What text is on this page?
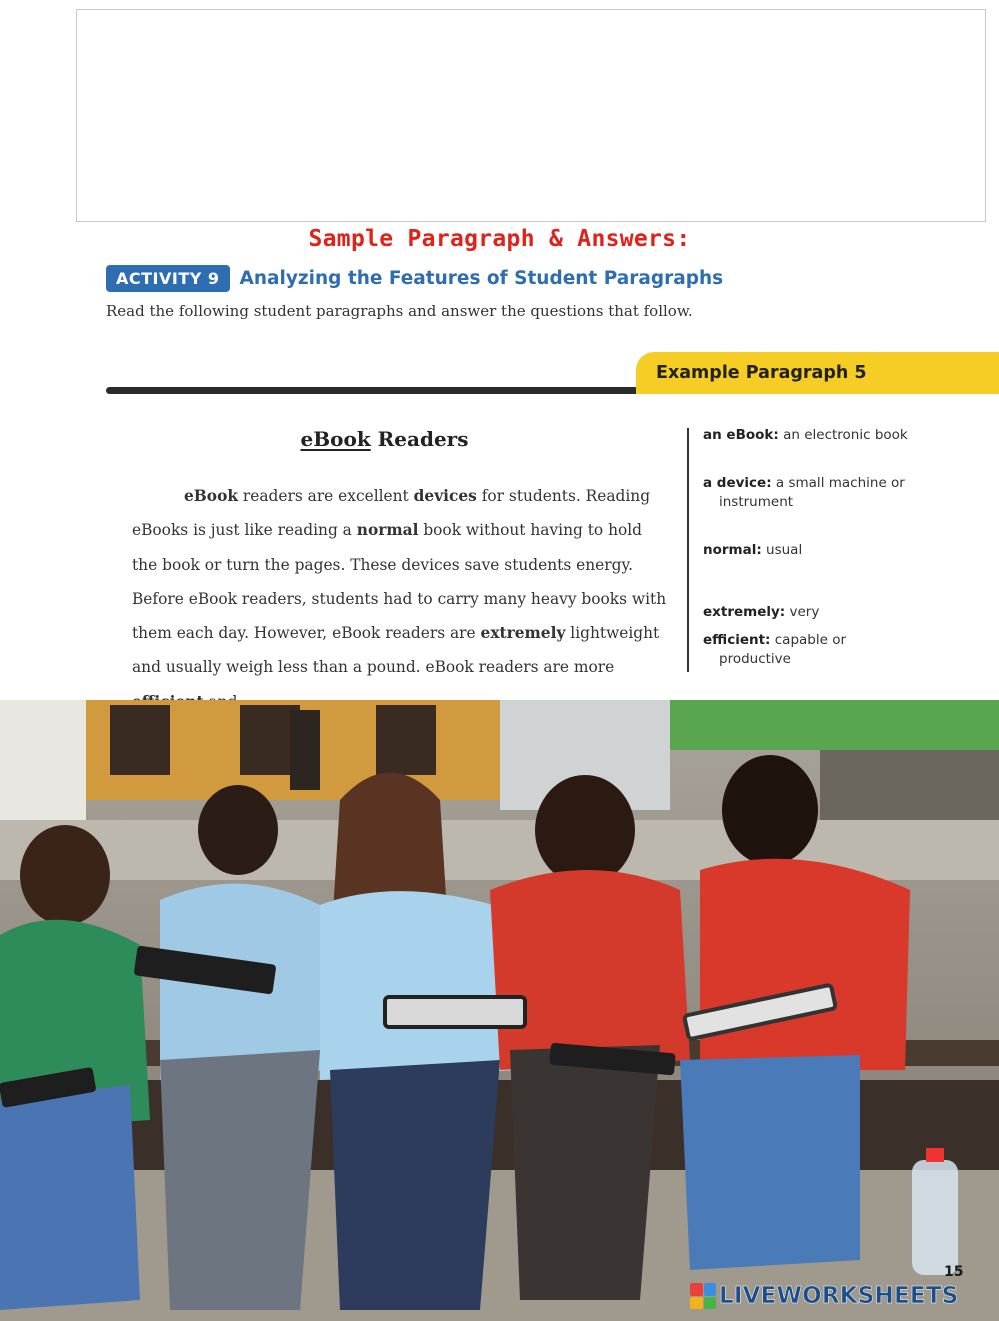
Sample Paragraph & Answers:
ACTIVITY 9	Analyzing the Features of Student Paragraphs
Read the following student paragraphs and answer the questions that follow.
Example Paragraph 5
eBook Readers

eBook readers are excellent devices for students. Reading eBooks is just like reading a normal book without having to hold the book or turn the pages. These devices save students energy. Before eBook readers, students had to carry many heavy books with them each day. However, eBook readers are extremely lightweight and usually weigh less than a pound. eBook readers are more

an eBook: an electronic book
a device: a small machine or instrument
normal: usual
extremely: very
efficient: capable or productive
15
LIVEWORKSHEETS
